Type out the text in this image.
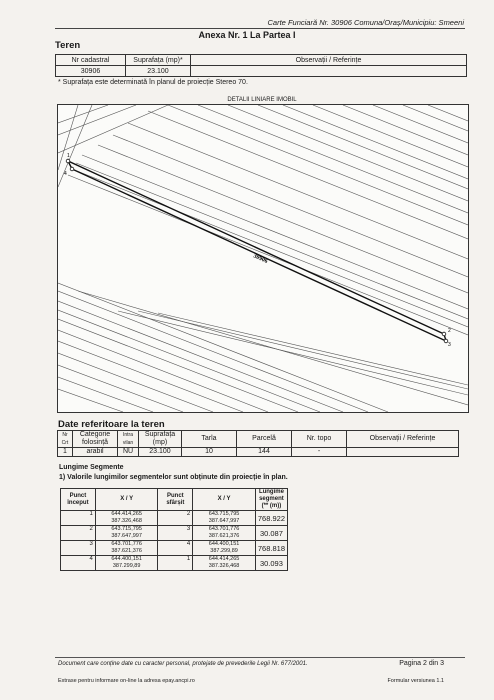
Carte Funciară Nr. 30906 Comuna/Oraș/Municipiu: Smeeni
Anexa Nr. 1 La Partea I
Teren
Nr cadastral	Suprafața (mp)*	Observații / Referințe
30906	23.100	
* Suprafața este determinată în planul de proiecție Stereo 70.
DETALII LINIARE IMOBIL
1
2
3
4
30906
Date referitoare la teren
Nr Crt	Categorie folosință	Intra vilan	Suprafața (mp)	Tarla	Parcelă	Nr. topo	Observații / Referințe
1	arabil	NU	23.100	10	144	-	
Lungime Segmente
1) Valorile lungimilor segmentelor sunt obținute din proiecție în plan.
Punct început	X / Y	Punct sfârșit	X / Y	Lungime segment (** (m))
1	644.414,265
387.326,468	2	643.715,795
387.647,997	768.922
2	643.715,795
387.647,997	3	643.701,776
387.621,376	30.087
3	643.701,776
387.621,376	4	644.400,151
387.299,89	768.818
4	644.400,151
387.299,89	1	644.414,265
387.326,468	30.093
Document care conține date cu caracter personal, protejate de prevederile Legii Nr. 677/2001.	Pagina 2 din 3
Extrase pentru informare on-line la adresa epay.ancpi.ro	Formular versiunea 1.1
